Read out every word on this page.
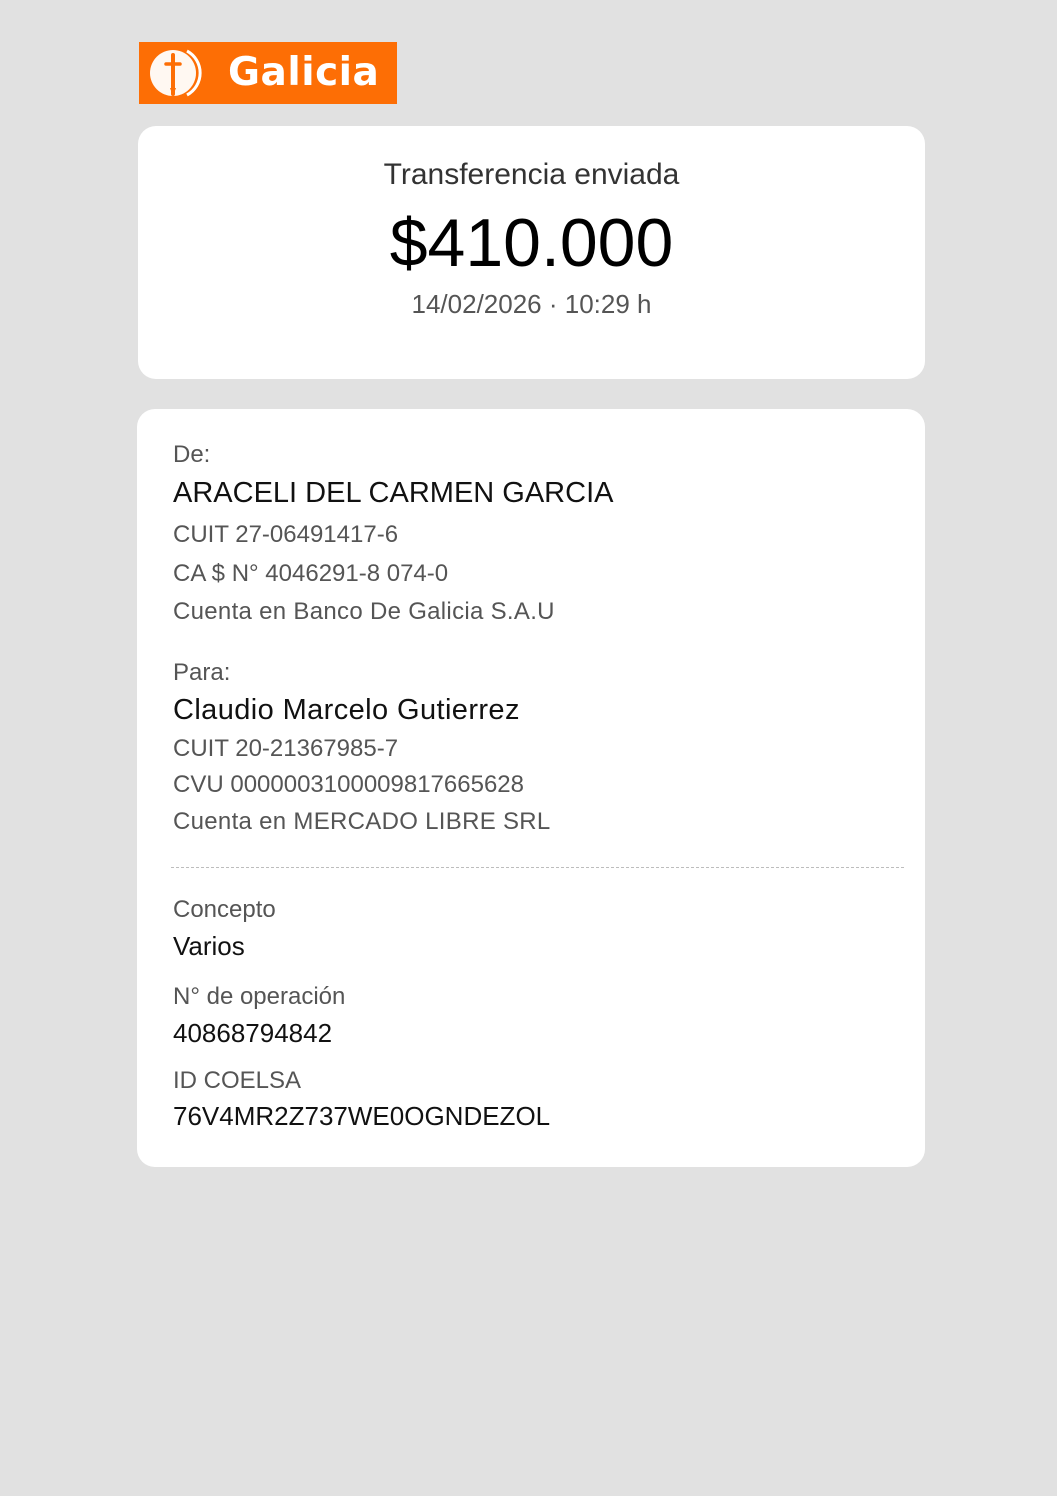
Galicia
Transferencia enviada
$410.000
14/02/2026 · 10:29 h
De:
ARACELI DEL CARMEN GARCIA
CUIT 27-06491417-6
CA $ N° 4046291-8 074-0
Cuenta en Banco De Galicia S.A.U
Para:
Claudio Marcelo Gutierrez
CUIT 20-21367985-7
CVU 0000003100009817665628
Cuenta en MERCADO LIBRE SRL
Concepto
Varios
N° de operación
40868794842
ID COELSA
76V4MR2Z737WE0OGNDEZOL
